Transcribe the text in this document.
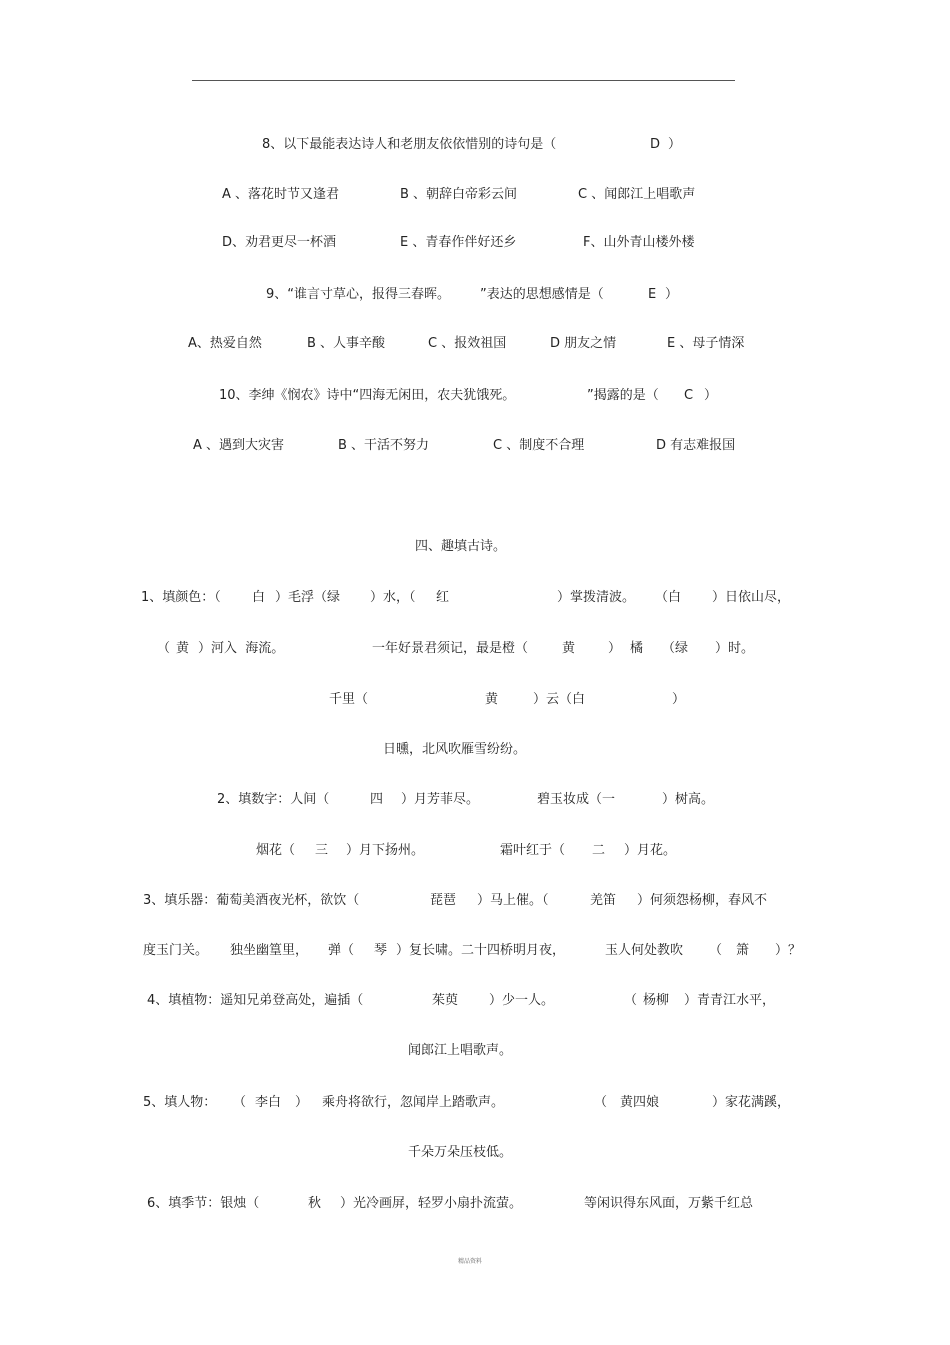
8、以下最能表达诗人和老朋友依依惜别的诗句是（	D ）
A 、落花时节又逢君	B 、朝辞白帝彩云间	C 、闻郎江上唱歌声
D、劝君更尽一杯酒	E 、青春作伴好还乡	F、山外青山楼外楼
9、“谁言寸草心，报得三春晖。 ”表达的思想感情是（	E ）
A、热爱自然	B 、人事辛酸	C 、报效祖国	D 朋友之情	E 、母子情深
10、李绅《悯农》诗中“四海无闲田，农夫犹饿死。	”揭露的是（ C ）
A 、遇到大灾害	B 、干活不努力	C 、制度不合理	D 有志难报国
四、趣填古诗。
1、填颜色：（ 白 ）毛浮（绿 ）水，（ 红	）掌拨清波。 （白 ）日依山尽，
（ 黄 ）河入  海流。	一年好景君须记，最是橙（	黄	） 橘 （绿 ）时。
千里（	黄	）云（白	）
日曛，北风吹雁雪纷纷。
2、填数字：人间（	四 ）月芳菲尽。	碧玉妆成（一	）树高。
烟花（ 三 ）月下扬州。	霜叶红于（ 二 ）月花。
3、填乐器：葡萄美酒夜光杯，欲饮（	琵琶 ）马上催。（	羌笛 ）何须怨杨柳，春风不
度玉门关。 独坐幽篁里， 弹（ 琴 ）复长啸。二十四桥明月夜，	玉人何处教吹 （ 箫 ）？
4、填植物：遥知兄弟登高处，遍插（	茱萸 ）少一人。	（ 杨柳 ）青青江水平，
闻郎江上唱歌声。
5、填人物： （ 李白 ） 乘舟将欲行，忽闻岸上踏歌声。	（ 黄四娘	）家花满蹊，
千朵万朵压枝低。
6、填季节：银烛（	秋 ）光冷画屏，轻罗小扇扑流萤。	等闲识得东风面，万紫千红总
精品资料
